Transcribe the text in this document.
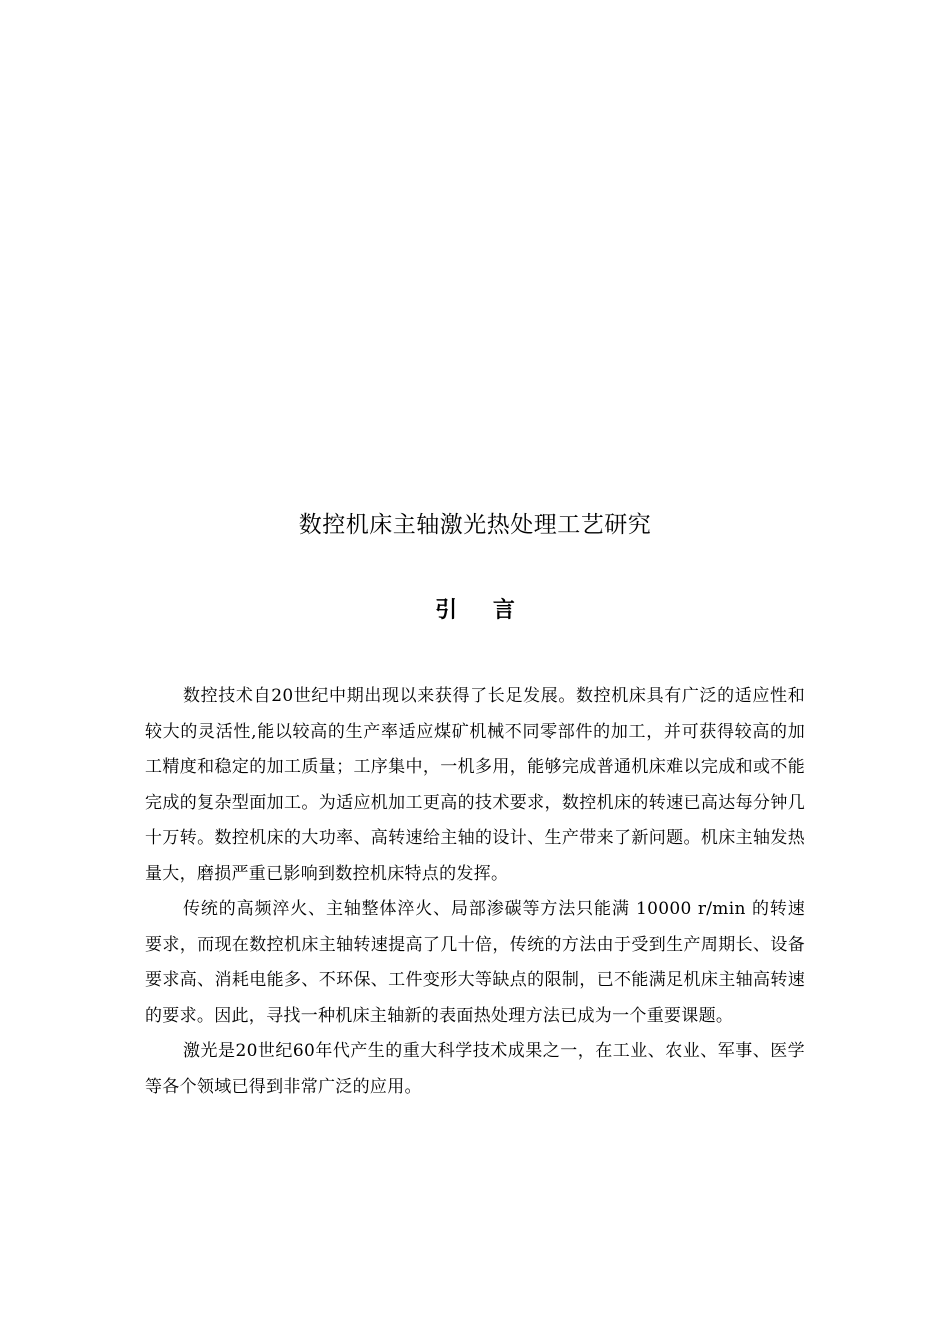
数控机床主轴激光热处理工艺研究
引 言

数控技术自20世纪中期出现以来获得了长足发展。数控机床具有广泛的适应性和较大的灵活性,能以较高的生产率适应煤矿机械不同零部件的加工，并可获得较高的加工精度和稳定的加工质量；工序集中，一机多用，能够完成普通机床难以完成和或不能完成的复杂型面加工。为适应机加工更高的技术要求，数控机床的转速已高达每分钟几十万转。数控机床的大功率、高转速给主轴的设计、生产带来了新问题。机床主轴发热量大，磨损严重已影响到数控机床特点的发挥。

传统的高频淬火、主轴整体淬火、局部渗碳等方法只能满 10000 r/min 的转速要求，而现在数控机床主轴转速提高了几十倍，传统的方法由于受到生产周期长、设备要求高、消耗电能多、不环保、工件变形大等缺点的限制，已不能满足机床主轴高转速的要求。因此，寻找一种机床主轴新的表面热处理方法已成为一个重要课题。

激光是20世纪60年代产生的重大科学技术成果之一，在工业、农业、军事、医学等各个领域已得到非常广泛的应用。
